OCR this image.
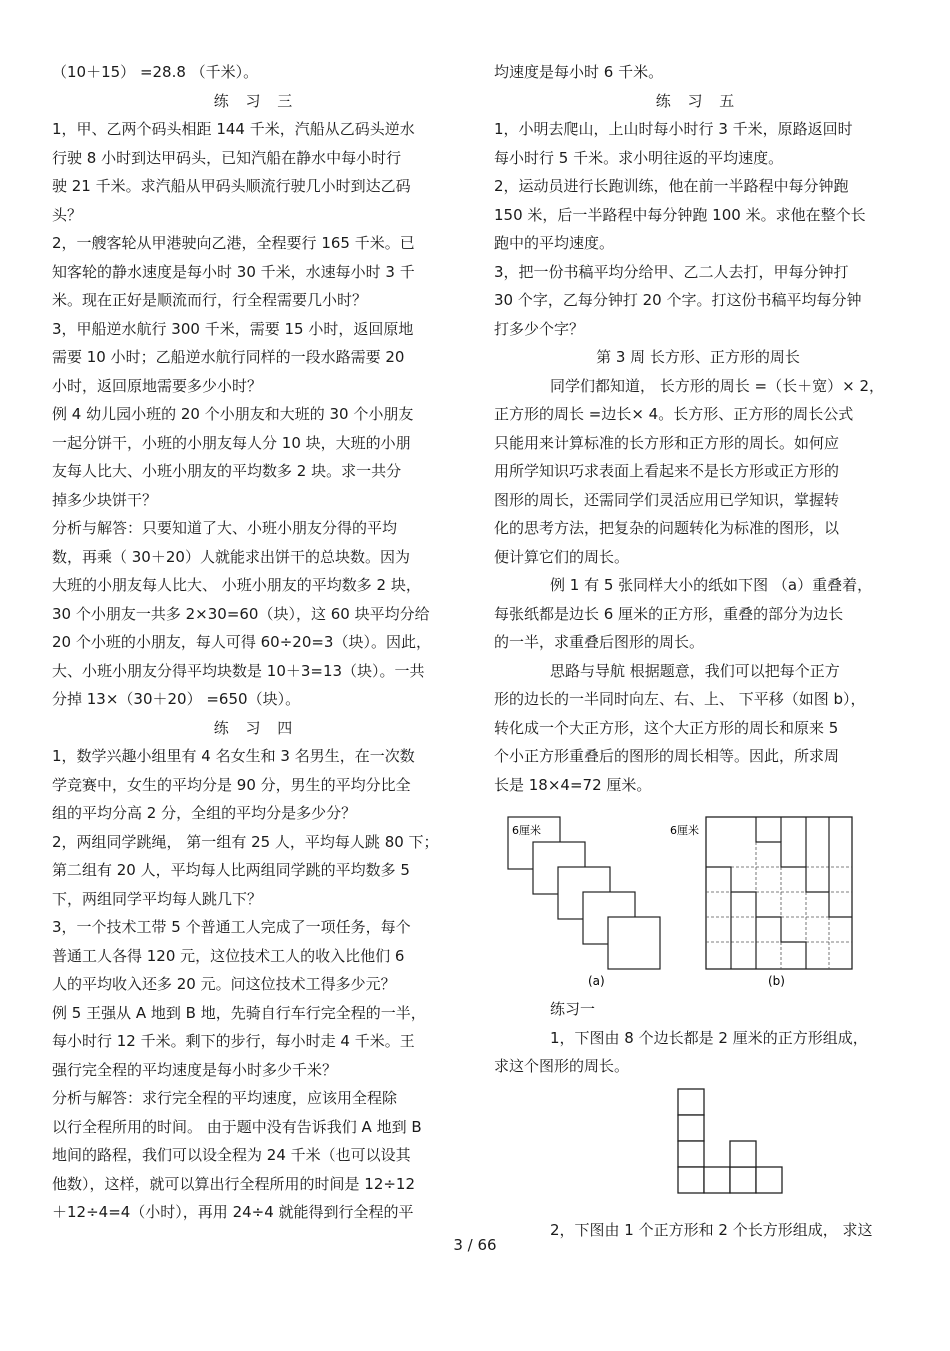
（10＋15） =28.8 （千米）。
练 习 三
1，甲、乙两个码头相距 144 千米，汽船从乙码头逆水
行驶 8 小时到达甲码头，已知汽船在静水中每小时行
驶 21 千米。求汽船从甲码头顺流行驶几小时到达乙码
头？
2，一艘客轮从甲港驶向乙港，全程要行 165 千米。已
知客轮的静水速度是每小时 30 千米，水速每小时 3 千
米。现在正好是顺流而行，行全程需要几小时？
3，甲船逆水航行 300 千米，需要 15 小时，返回原地
需要 10 小时；乙船逆水航行同样的一段水路需要 20
小时，返回原地需要多少小时？
例 4 幼儿园小班的 20 个小朋友和大班的 30 个小朋友
一起分饼干，小班的小朋友每人分 10 块，大班的小朋
友每人比大、小班小朋友的平均数多 2 块。求一共分
掉多少块饼干？
分析与解答：只要知道了大、小班小朋友分得的平均
数，再乘（ 30＋20）人就能求出饼干的总块数。因为
大班的小朋友每人比大、 小班小朋友的平均数多 2 块，
30 个小朋友一共多 2×30=60（块），这 60 块平均分给
20 个小班的小朋友，每人可得 60÷20=3（块）。因此，
大、小班小朋友分得平均块数是 10＋3=13（块）。一共
分掉 13×（30＋20） =650（块）。
练 习 四
1，数学兴趣小组里有 4 名女生和 3 名男生，在一次数
学竞赛中，女生的平均分是 90 分，男生的平均分比全
组的平均分高 2 分，全组的平均分是多少分？
2，两组同学跳绳， 第一组有 25 人，平均每人跳 80 下；
第二组有 20 人，平均每人比两组同学跳的平均数多 5
下，两组同学平均每人跳几下？
3，一个技术工带 5 个普通工人完成了一项任务，每个
普通工人各得 120 元，这位技术工人的收入比他们 6
人的平均收入还多 20 元。问这位技术工得多少元？
例 5 王强从 A 地到 B 地，先骑自行车行完全程的一半，
每小时行 12 千米。剩下的步行，每小时走 4 千米。王
强行完全程的平均速度是每小时多少千米？
分析与解答：求行完全程的平均速度，应该用全程除
以行全程所用的时间。 由于题中没有告诉我们 A 地到 B
地间的路程，我们可以设全程为 24 千米（也可以设其
他数），这样，就可以算出行全程所用的时间是 12÷12
＋12÷4=4（小时），再用 24÷4 就能得到行全程的平
均速度是每小时 6 千米。
练 习 五
1，小明去爬山，上山时每小时行 3 千米，原路返回时
每小时行 5 千米。求小明往返的平均速度。
2，运动员进行长跑训练，他在前一半路程中每分钟跑
150 米，后一半路程中每分钟跑 100 米。求他在整个长
跑中的平均速度。
3，把一份书稿平均分给甲、乙二人去打，甲每分钟打
30 个字，乙每分钟打 20 个字。打这份书稿平均每分钟
打多少个字？
第 3 周 长方形、正方形的周长
同学们都知道， 长方形的周长 =（长＋宽）× 2，
正方形的周长 =边长× 4。长方形、正方形的周长公式
只能用来计算标准的长方形和正方形的周长。如何应
用所学知识巧求表面上看起来不是长方形或正方形的
图形的周长，还需同学们灵活应用已学知识，掌握转
化的思考方法，把复杂的问题转化为标准的图形，以
便计算它们的周长。
例 1 有 5 张同样大小的纸如下图 （a）重叠着，
每张纸都是边长 6 厘米的正方形，重叠的部分为边长
的一半，求重叠后图形的周长。
思路与导航 根据题意，我们可以把每个正方
形的边长的一半同时向左、右、上、 下平移（如图 b），
转化成一个大正方形，这个大正方形的周长和原来 5
个小正方形重叠后的图形的周长相等。因此，所求周
长是 18×4=72 厘米。
6厘米
(a)
6厘米
(b)
练习一
1，下图由 8 个边长都是 2 厘米的正方形组成，
求这个图形的周长。
2，下图由 1 个正方形和 2 个长方形组成， 求这
3 / 66
